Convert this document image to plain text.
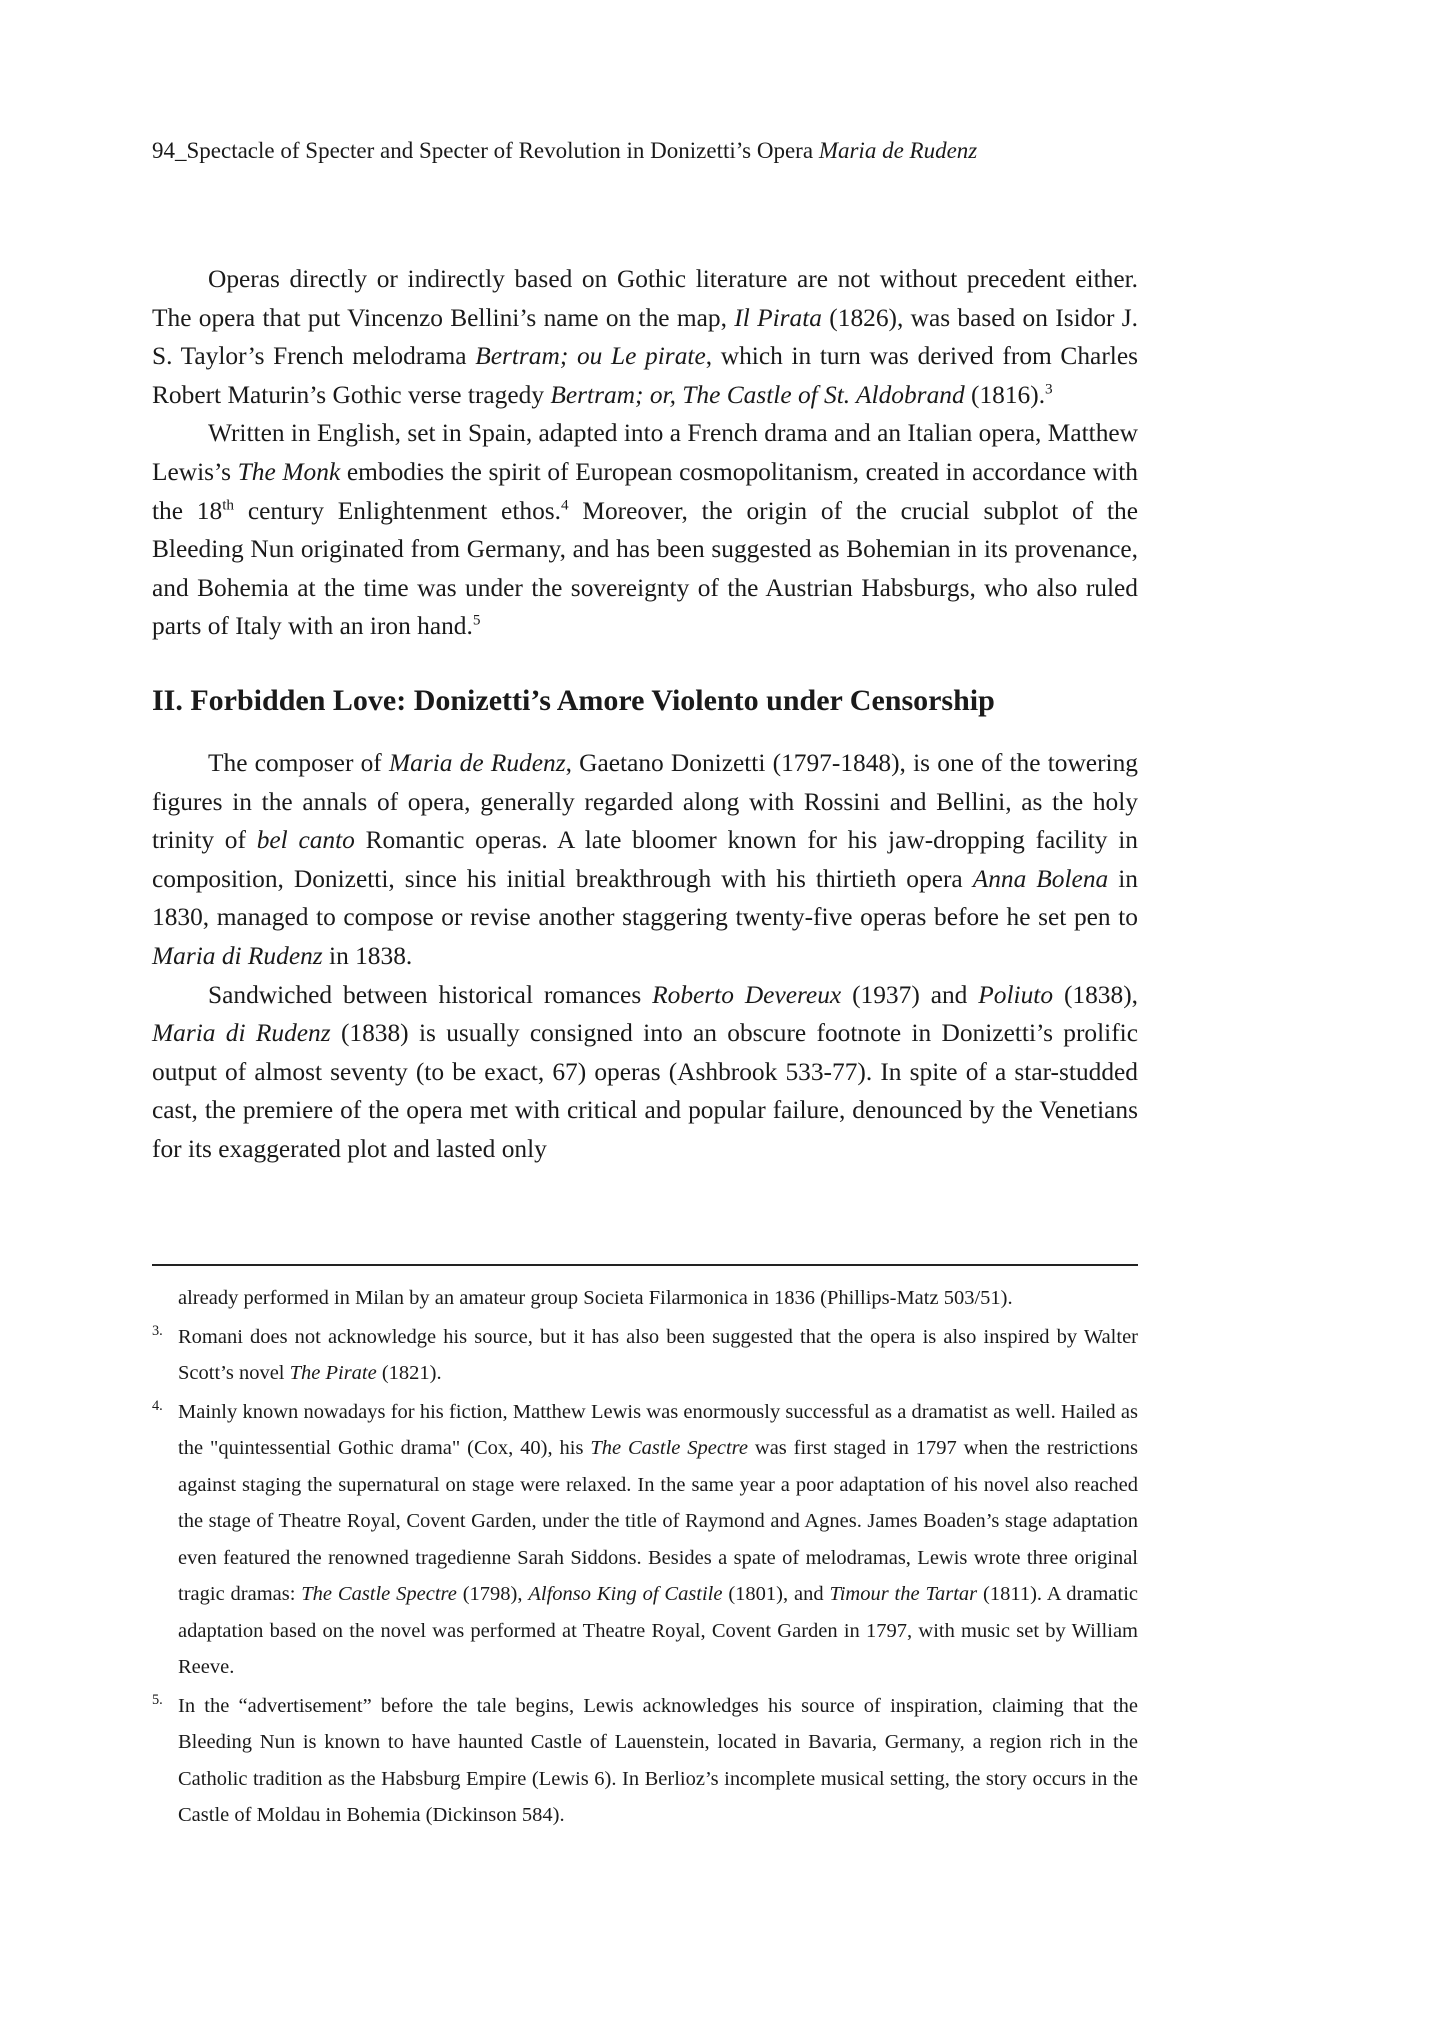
94_Spectacle of Specter and Specter of Revolution in Donizetti’s Opera Maria de Rudenz

Operas directly or indirectly based on Gothic literature are not without precedent either. The opera that put Vincenzo Bellini’s name on the map, Il Pirata (1826), was based on Isidor J. S. Taylor’s French melodrama Bertram; ou Le pirate, which in turn was derived from Charles Robert Maturin’s Gothic verse tragedy Bertram; or, The Castle of St. Aldobrand (1816).$^3$

Written in English, set in Spain, adapted into a French drama and an Italian opera, Matthew Lewis’s The Monk embodies the spirit of European cosmopolitanism, created in accordance with the 18th century Enlightenment ethos.$^4$ Moreover, the origin of the crucial subplot of the Bleeding Nun originated from Germany, and has been suggested as Bohemian in its provenance, and Bohemia at the time was under the sovereignty of the Austrian Habsburgs, who also ruled parts of Italy with an iron hand.$^5$

II. Forbidden Love: Donizetti’s Amore Violento under Censorship

The composer of Maria de Rudenz, Gaetano Donizetti (1797-1848), is one of the towering figures in the annals of opera, generally regarded along with Rossini and Bellini, as the holy trinity of bel canto Romantic operas. A late bloomer known for his jaw-dropping facility in composition, Donizetti, since his initial breakthrough with his thirtieth opera Anna Bolena in 1830, managed to compose or revise another staggering twenty-five operas before he set pen to Maria di Rudenz in 1838.

Sandwiched between historical romances Roberto Devereux (1937) and Poliuto (1838), Maria di Rudenz (1838) is usually consigned into an obscure footnote in Donizetti’s prolific output of almost seventy (to be exact, 67) operas (Ashbrook 533-77). In spite of a star-studded cast, the premiere of the opera met with critical and popular failure, denounced by the Venetians for its exaggerated plot and lasted only

already performed in Milan by an amateur group Societa Filarmonica in 1836 (Phillips-Matz 503/51).

3. Romani does not acknowledge his source, but it has also been suggested that the opera is also inspired by Walter Scott’s novel The Pirate (1821).

4. Mainly known nowadays for his fiction, Matthew Lewis was enormously successful as a dramatist as well. Hailed as the "quintessential Gothic drama" (Cox, 40), his The Castle Spectre was first staged in 1797 when the restrictions against staging the supernatural on stage were relaxed. In the same year a poor adaptation of his novel also reached the stage of Theatre Royal, Covent Garden, under the title of Raymond and Agnes. James Boaden’s stage adaptation even featured the renowned tragedienne Sarah Siddons. Besides a spate of melodramas, Lewis wrote three original tragic dramas: The Castle Spectre (1798), Alfonso King of Castile (1801), and Timour the Tartar (1811). A dramatic adaptation based on the novel was performed at Theatre Royal, Covent Garden in 1797, with music set by William Reeve.

5. In the “advertisement” before the tale begins, Lewis acknowledges his source of inspiration, claiming that the Bleeding Nun is known to have haunted Castle of Lauenstein, located in Bavaria, Germany, a region rich in the Catholic tradition as the Habsburg Empire (Lewis 6). In Berlioz’s incomplete musical setting, the story occurs in the Castle of Moldau in Bohemia (Dickinson 584).
